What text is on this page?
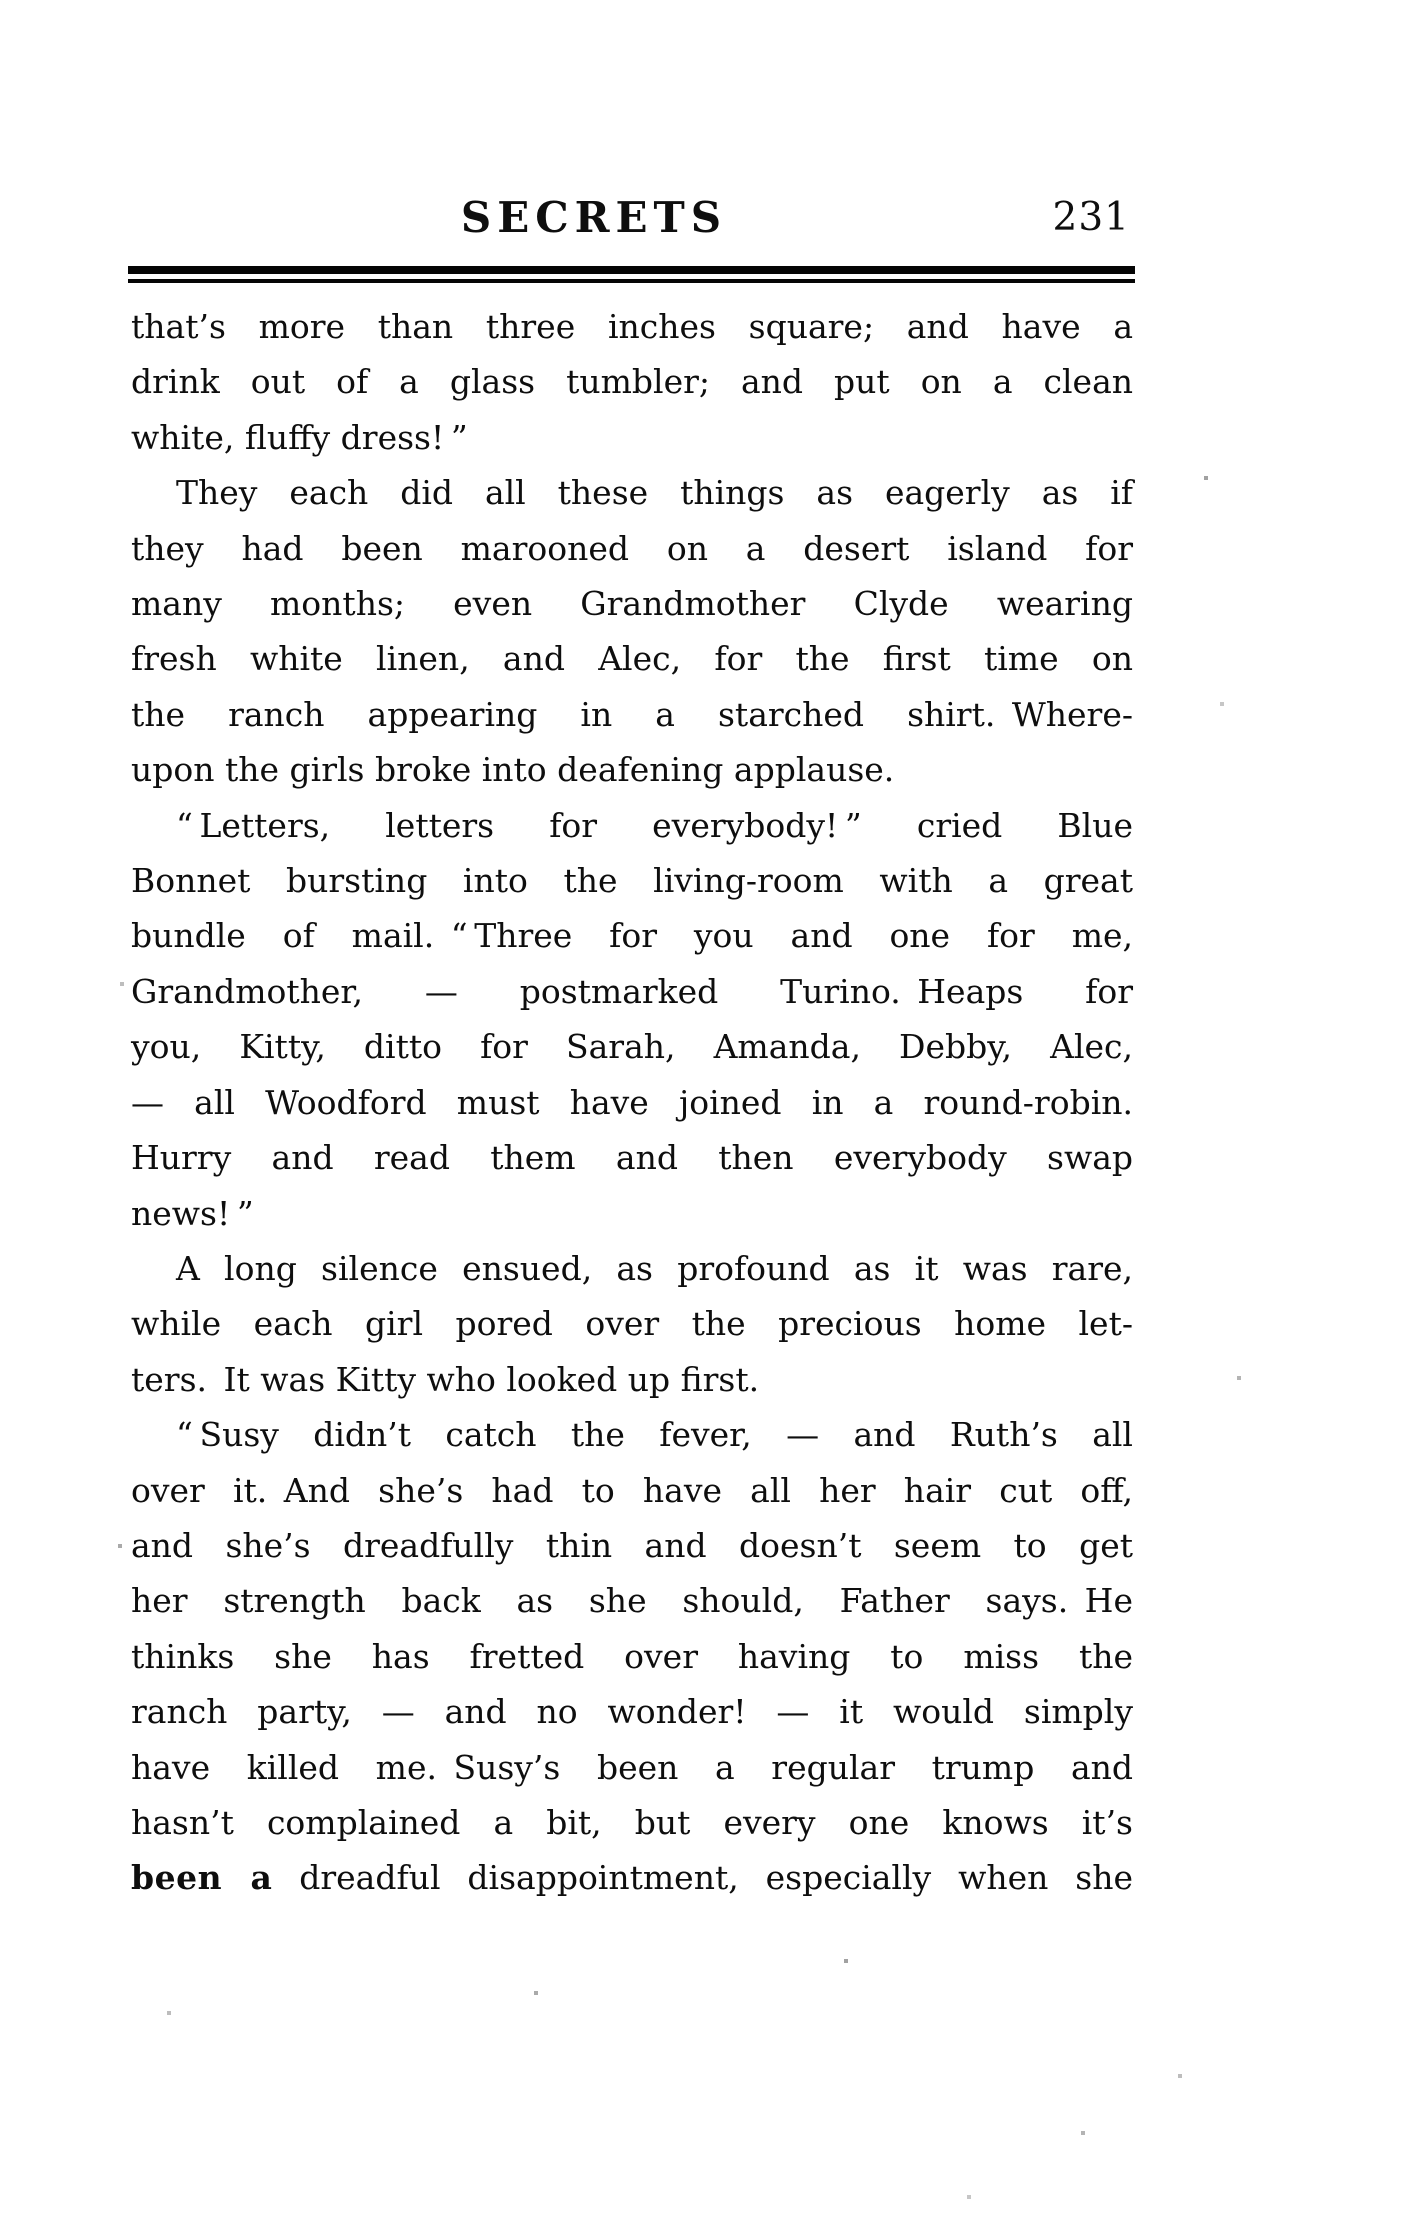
SECRETS	231
that’s more than three inches square; and have a
drink out of a glass tumbler; and put on a clean
white, fluffy dress! ”
They each did all these things as eagerly as if
they had been marooned on a desert island for
many months; even Grandmother Clyde wearing
fresh white linen, and Alec, for the first time on
the ranch appearing in a starched shirt. Where-
upon the girls broke into deafening applause.
“ Letters, letters for everybody! ” cried Blue
Bonnet bursting into the living-room with a great
bundle of mail. “ Three for you and one for me,
Grandmother, — postmarked Turino. Heaps for
you, Kitty, ditto for Sarah, Amanda, Debby, Alec,
— all Woodford must have joined in a round-robin.
Hurry and read them and then everybody swap
news! ”
A long silence ensued, as profound as it was rare,
while each girl pored over the precious home let-
ters. It was Kitty who looked up first.
“ Susy didn’t catch the fever, — and Ruth’s all
over it. And she’s had to have all her hair cut off,
and she’s dreadfully thin and doesn’t seem to get
her strength back as she should, Father says. He
thinks she has fretted over having to miss the
ranch party, — and no wonder! — it would simply
have killed me. Susy’s been a regular trump and
hasn’t complained a bit, but every one knows it’s
been a dreadful disappointment, especially when she
